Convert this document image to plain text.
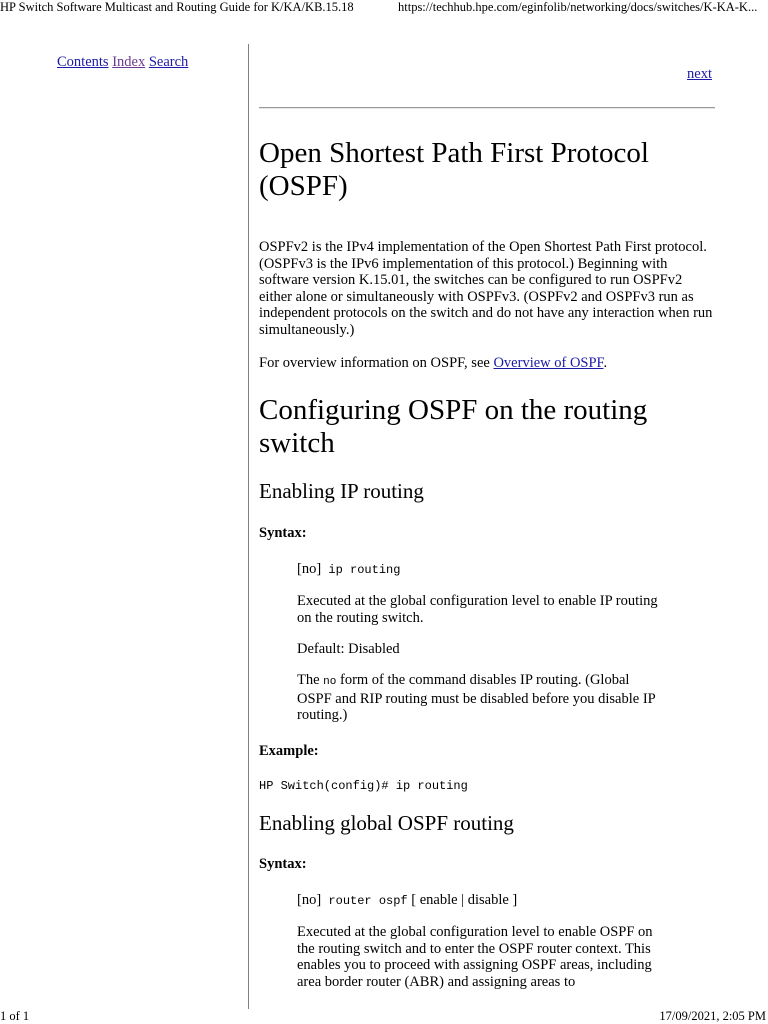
HP Switch Software Multicast and Routing Guide for K/KA/KB.15.18	https://techhub.hpe.com/eginfolib/networking/docs/switches/K-KA-K...
Contents Index Search
next
Open Shortest Path First Protocol (OSPF)

OSPFv2 is the IPv4 implementation of the Open Shortest Path First protocol. (OSPFv3 is the IPv6 implementation of this protocol.) Beginning with software version K.15.01, the switches can be configured to run OSPFv2 either alone or simultaneously with OSPFv3. (OSPFv2 and OSPFv3 run as independent protocols on the switch and do not have any interaction when run simultaneously.)

For overview information on OSPF, see Overview of OSPF.

Configuring OSPF on the routing switch
Enabling IP routing

Syntax:

[no] ip routing

Executed at the global configuration level to enable IP routing on the routing switch.

Default: Disabled

The no form of the command disables IP routing. (Global OSPF and RIP routing must be disabled before you disable IP routing.)

Example:

HP Switch(config)# ip routing

Enabling global OSPF routing

Syntax:

[no] router ospf [ enable | disable ]

Executed at the global configuration level to enable OSPF on the routing switch and to enter the OSPF router context. This enables you to proceed with assigning OSPF areas, including area border router (ABR) and assigning areas to

1 of 1	17/09/2021, 2:05 PM
